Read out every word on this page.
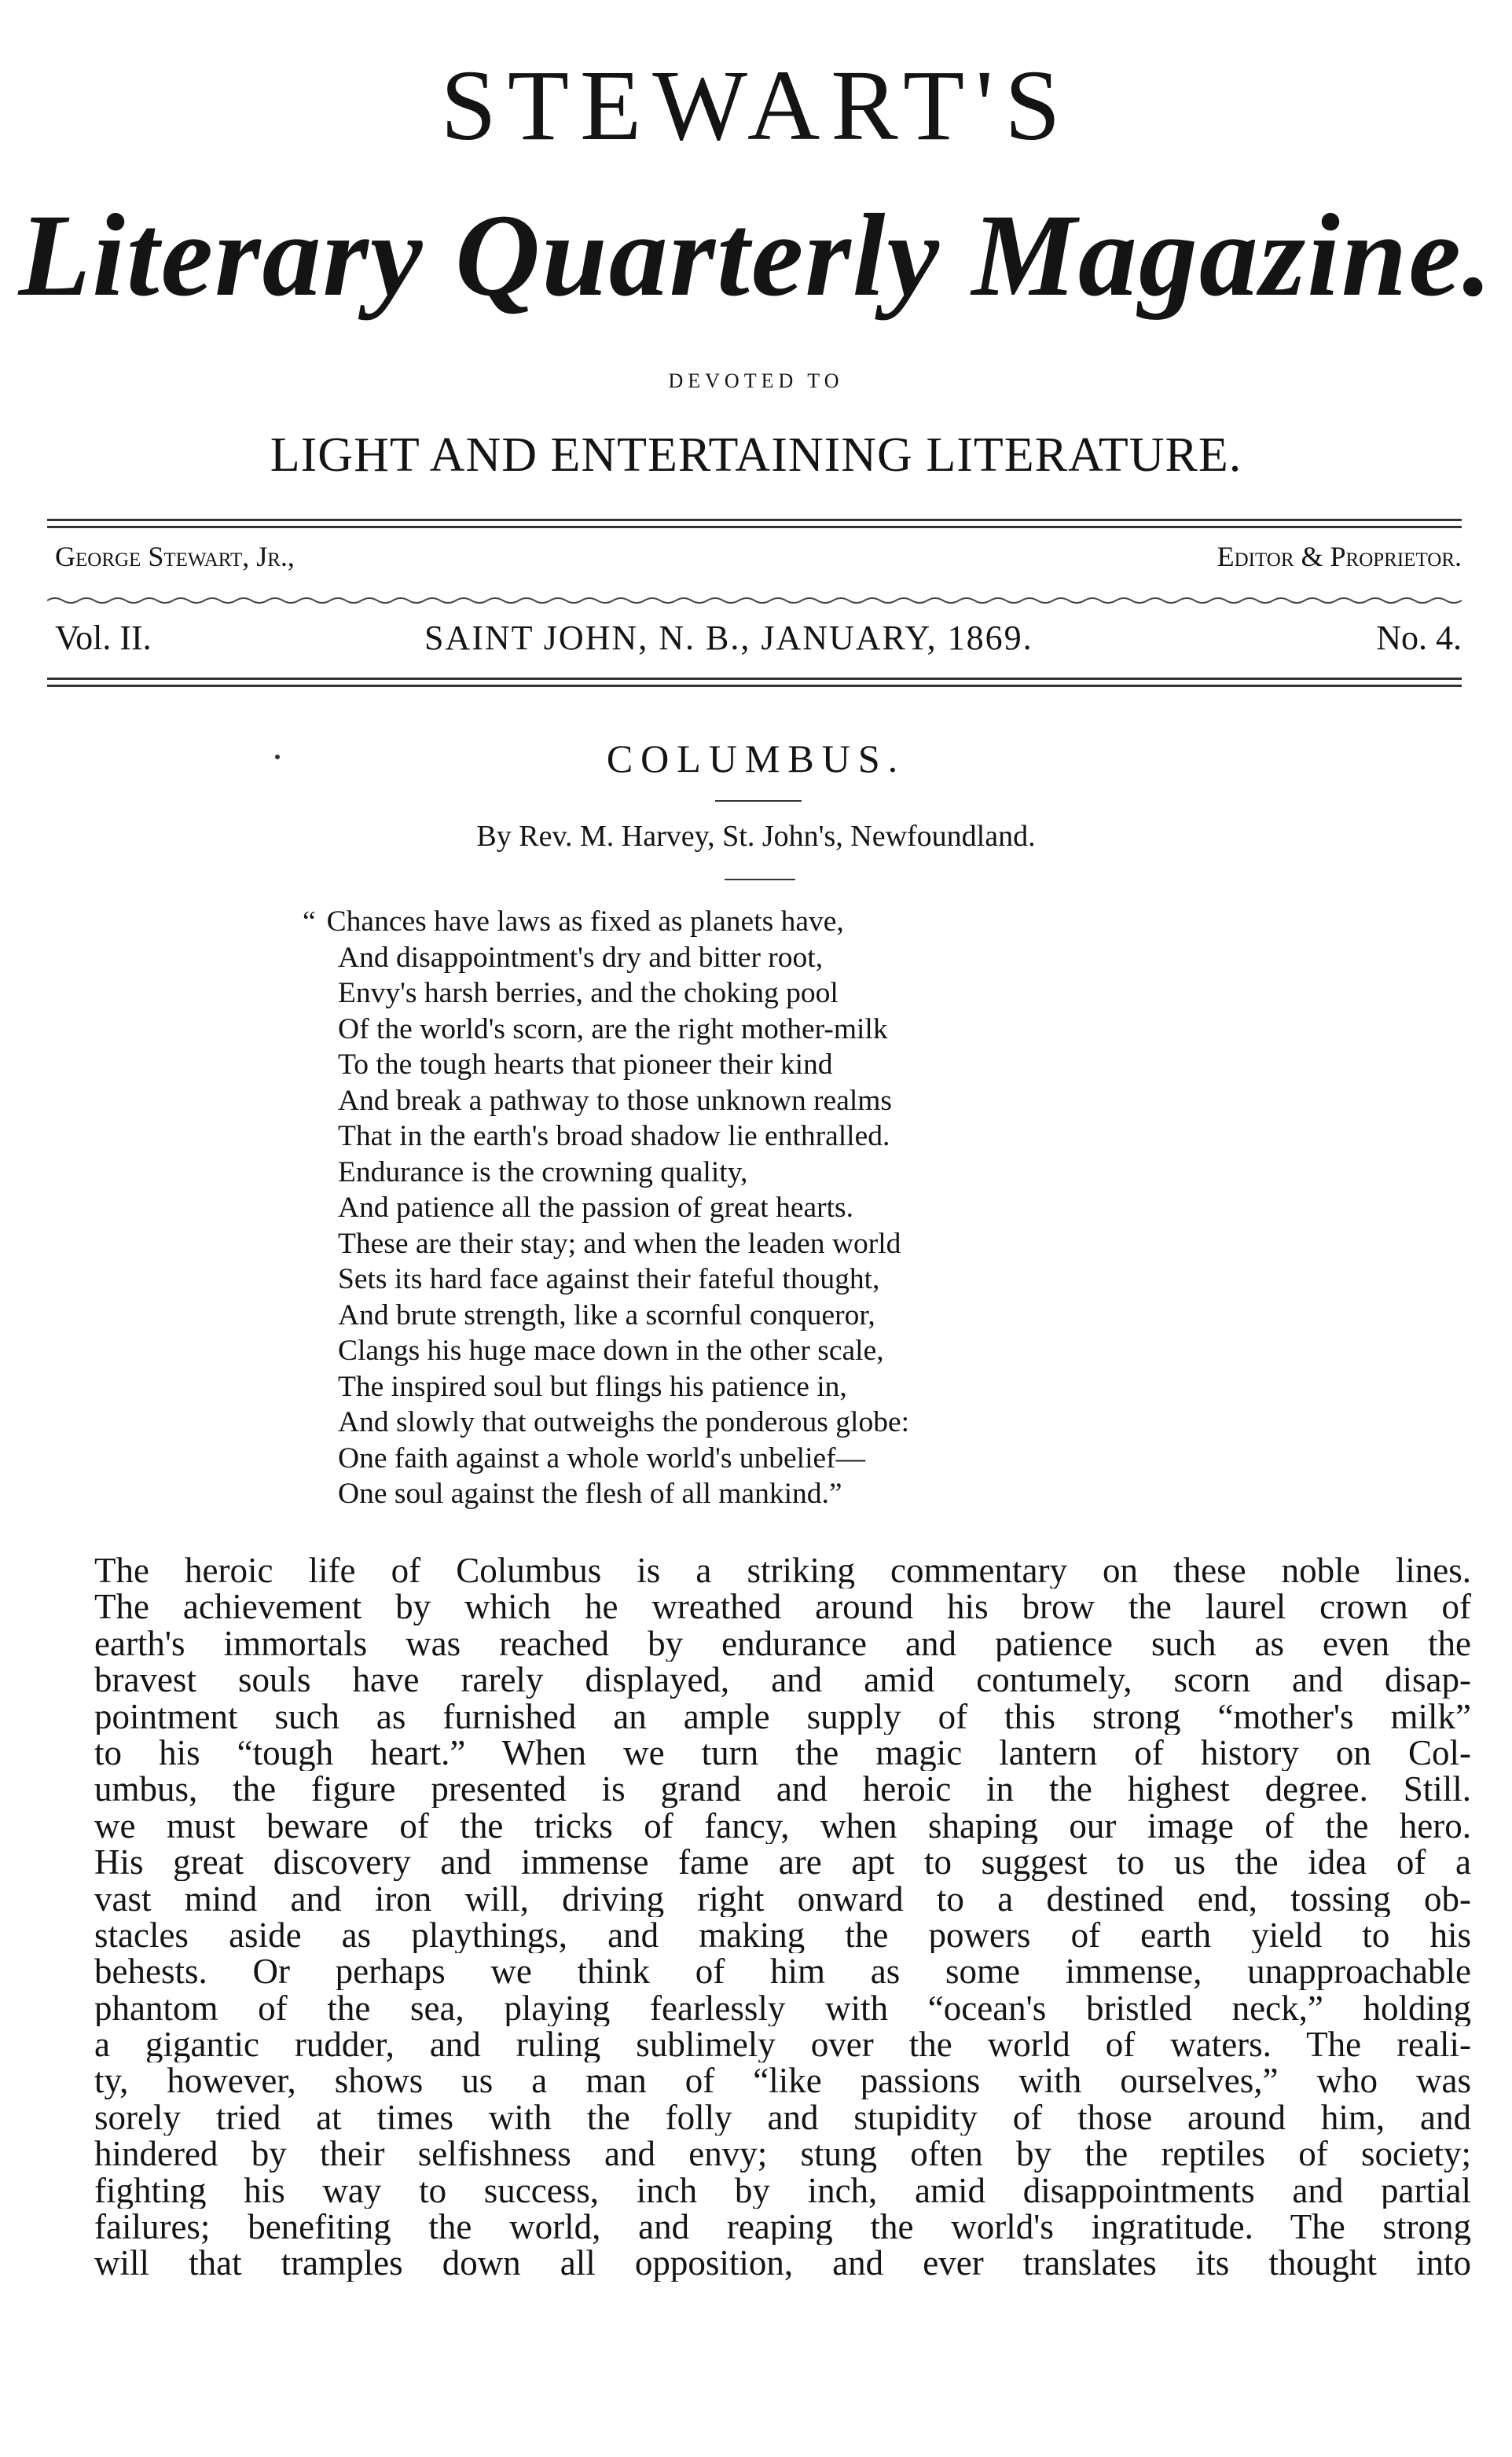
STEWART'S
Literary Quarterly Magazine.
DEVOTED TO
LIGHT AND ENTERTAINING LITERATURE.
George Stewart, Jr.,	Editor & Proprietor.
Vol. II.	SAINT JOHN, N. B., JANUARY, 1869.	No. 4.
COLUMBUS.
By Rev. M. Harvey, St. John's, Newfoundland.
“ Chances have laws as fixed as planets have,
And disappointment's dry and bitter root,
Envy's harsh berries, and the choking pool
Of the world's scorn, are the right mother-milk
To the tough hearts that pioneer their kind
And break a pathway to those unknown realms
That in the earth's broad shadow lie enthralled.
Endurance is the crowning quality,
And patience all the passion of great hearts.
These are their stay; and when the leaden world
Sets its hard face against their fateful thought,
And brute strength, like a scornful conqueror,
Clangs his huge mace down in the other scale,
The inspired soul but flings his patience in,
And slowly that outweighs the ponderous globe:
One faith against a whole world's unbelief—
One soul against the flesh of all mankind.”
The heroic life of Columbus is a striking commentary on these noble lines.
The achievement by which he wreathed around his brow the laurel crown of
earth's immortals was reached by endurance and patience such as even the
bravest souls have rarely displayed, and amid contumely, scorn and disap-
pointment such as furnished an ample supply of this strong “mother's milk”
to his “tough heart.” When we turn the magic lantern of history on Col-
umbus, the figure presented is grand and heroic in the highest degree. Still.
we must beware of the tricks of fancy, when shaping our image of the hero.
His great discovery and immense fame are apt to suggest to us the idea of a
vast mind and iron will, driving right onward to a destined end, tossing ob-
stacles aside as playthings, and making the powers of earth yield to his
behests. Or perhaps we think of him as some immense, unapproachable
phantom of the sea, playing fearlessly with “ocean's bristled neck,” holding
a gigantic rudder, and ruling sublimely over the world of waters. The reali-
ty, however, shows us a man of “like passions with ourselves,” who was
sorely tried at times with the folly and stupidity of those around him, and
hindered by their selfishness and envy; stung often by the reptiles of society;
fighting his way to success, inch by inch, amid disappointments and partial
failures; benefiting the world, and reaping the world's ingratitude. The strong
will that tramples down all opposition, and ever translates its thought into
